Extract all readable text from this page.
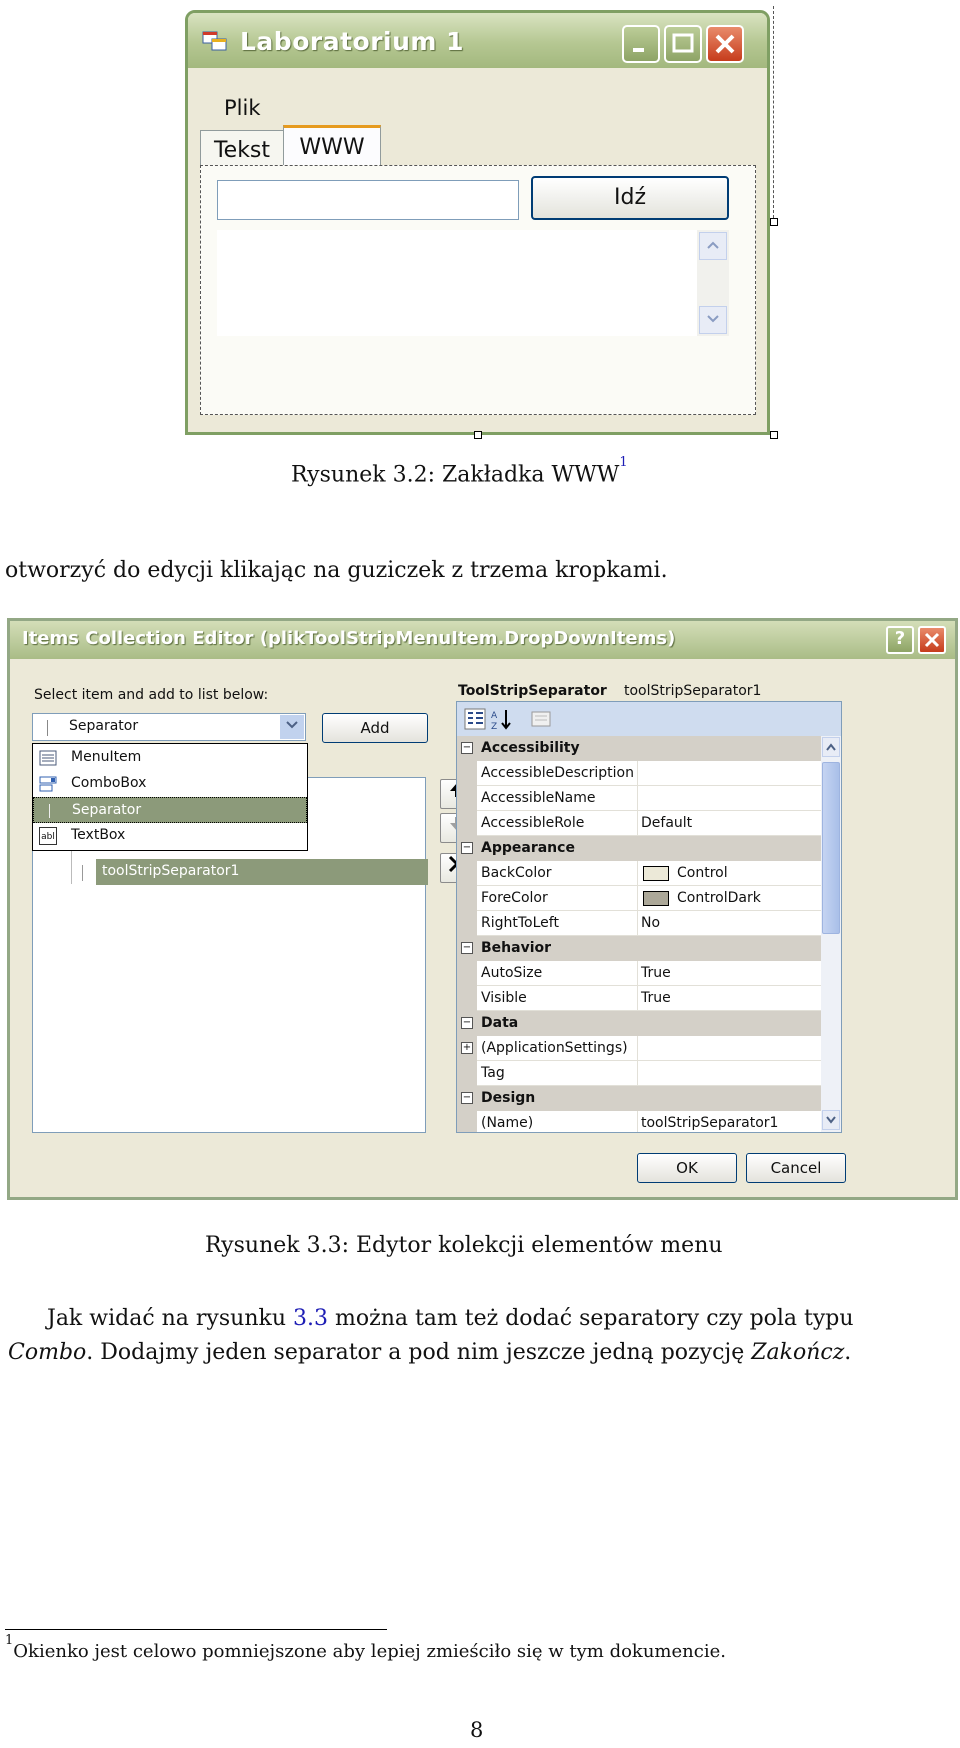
Laboratorium 1
Plik
Tekst	WWW
Idź
Rysunek 3.2: Zakładka WWW$^1$
otworzyć do edycji klikając na guziczek z trzema kropkami.
Items Collection Editor (plikToolStripMenuItem.DropDownItems)	?
Select item and add to list below:
Separator	Add
toolStripSeparator1
MenuItem
ComboBox
Separator
abl TextBox
ToolStripSeparator toolStripSeparator1
A
Z
− Accessibility
AccessibleDescription
AccessibleName
AccessibleRole	Default
− Appearance
BackColor	Control
ForeColor	ControlDark
RightToLeft	No
− Behavior
AutoSize	True
Visible	True
− Data
+ (ApplicationSettings)
Tag
− Design
(Name)	toolStripSeparator1
OK	Cancel
Rysunek 3.3: Edytor kolekcji elementów menu
Jak widać na rysunku 3.3 można tam też dodać separatory czy pola typu
Combo. Dodajmy jeden separator a pod nim jeszcze jedną pozycję Zakończ.
$^1$Okienko jest celowo pomniejszone aby lepiej zmieściło się w tym dokumencie.
8
